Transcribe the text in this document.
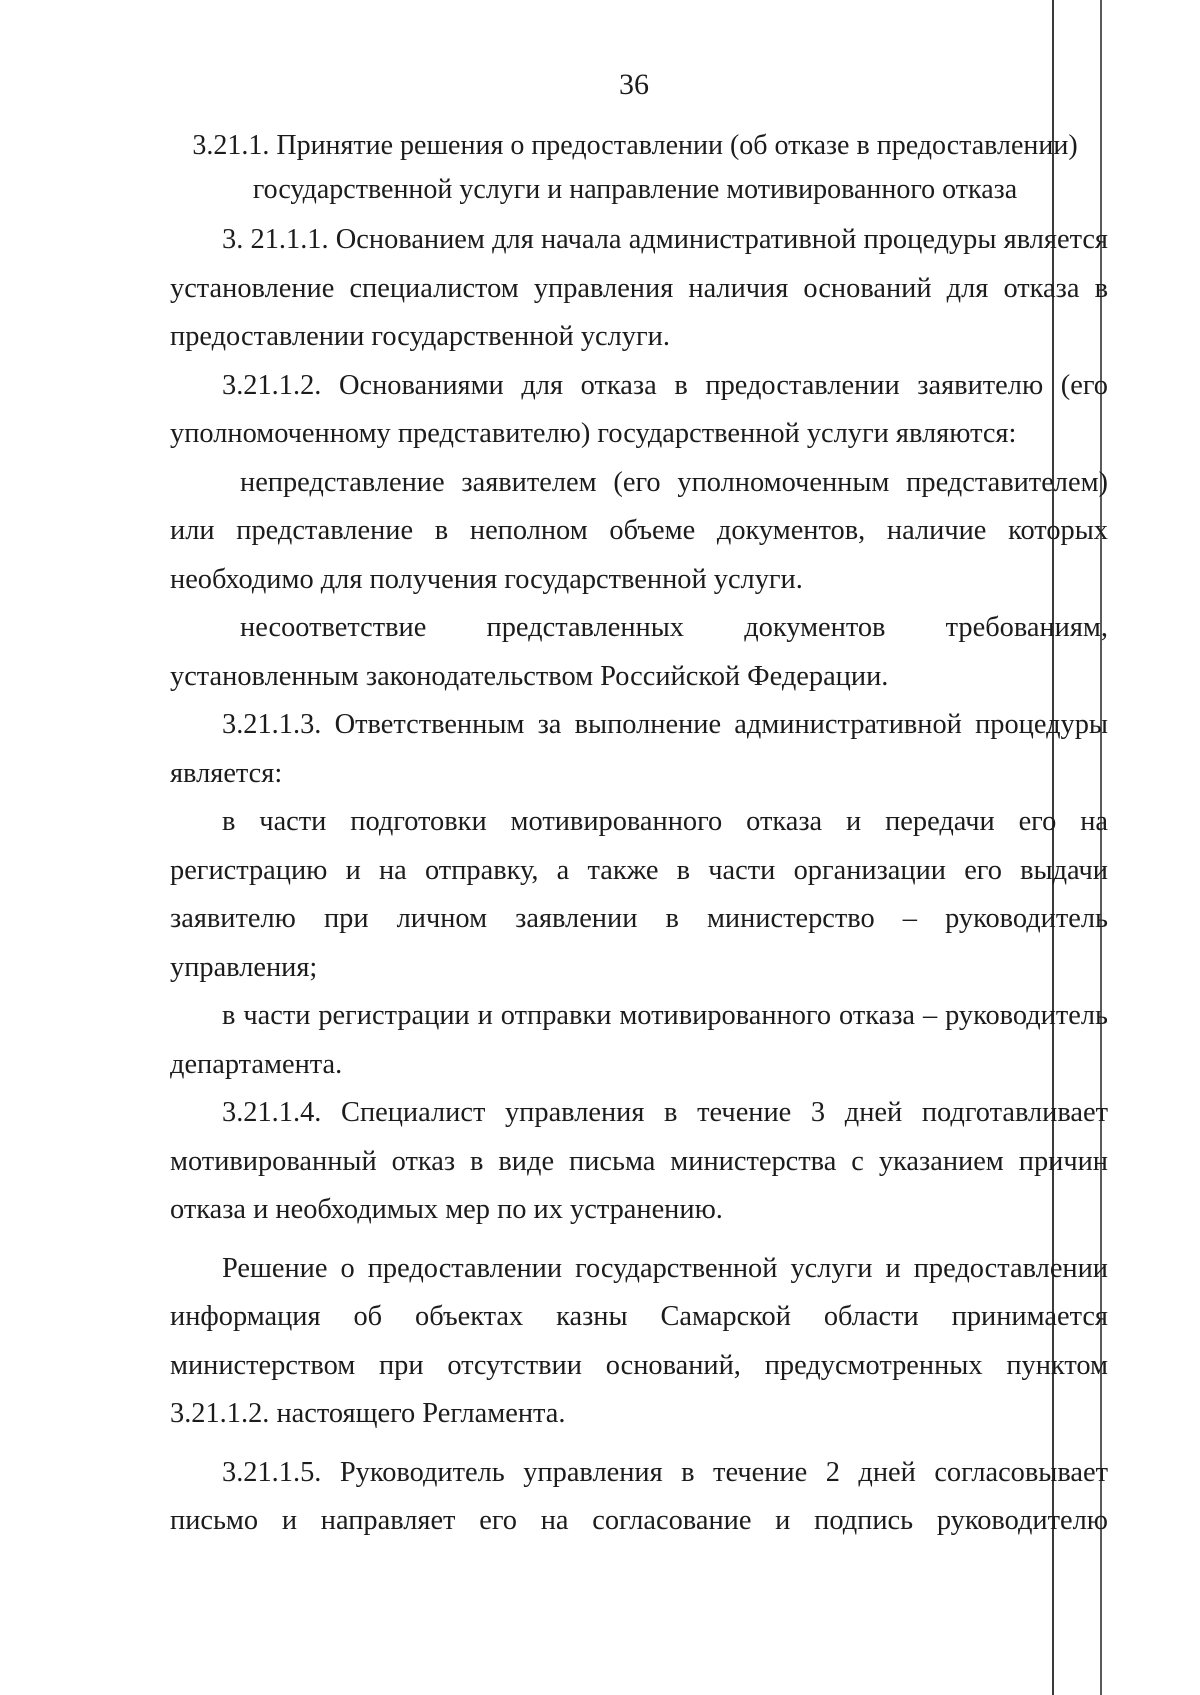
36
3.21.1. Принятие решения о предоставлении (об отказе в предоставлении)
государственной услуги и направление мотивированного отказа
3. 21.1.1. Основанием для начала административной процедуры является
установление специалистом управления наличия оснований для отказа в
предоставлении государственной услуги.
3.21.1.2. Основаниями для отказа в предоставлении заявителю (его
уполномоченному представителю) государственной услуги являются:
непредставление заявителем (его уполномоченным представителем)
или представление в неполном объеме документов, наличие которых
необходимо для получения государственной услуги.
несоответствие представленных документов требованиям,
установленным законодательством Российской Федерации.
3.21.1.3. Ответственным за выполнение административной процедуры
является:
в части подготовки мотивированного отказа и передачи его на
регистрацию и на отправку, а также в части организации его выдачи
заявителю при личном заявлении в министерство – руководитель
управления;
в части регистрации и отправки мотивированного отказа – руководитель
департамента.
3.21.1.4. Специалист управления в течение 3 дней подготавливает
мотивированный отказ в виде письма министерства с указанием причин
отказа и необходимых мер по их устранению.
Решение о предоставлении государственной услуги и предоставлении
информация об объектах казны Самарской области принимается
министерством при отсутствии оснований, предусмотренных пунктом
3.21.1.2. настоящего Регламента.
3.21.1.5. Руководитель управления в течение 2 дней согласовывает
письмо и направляет его на согласование и подпись руководителю
